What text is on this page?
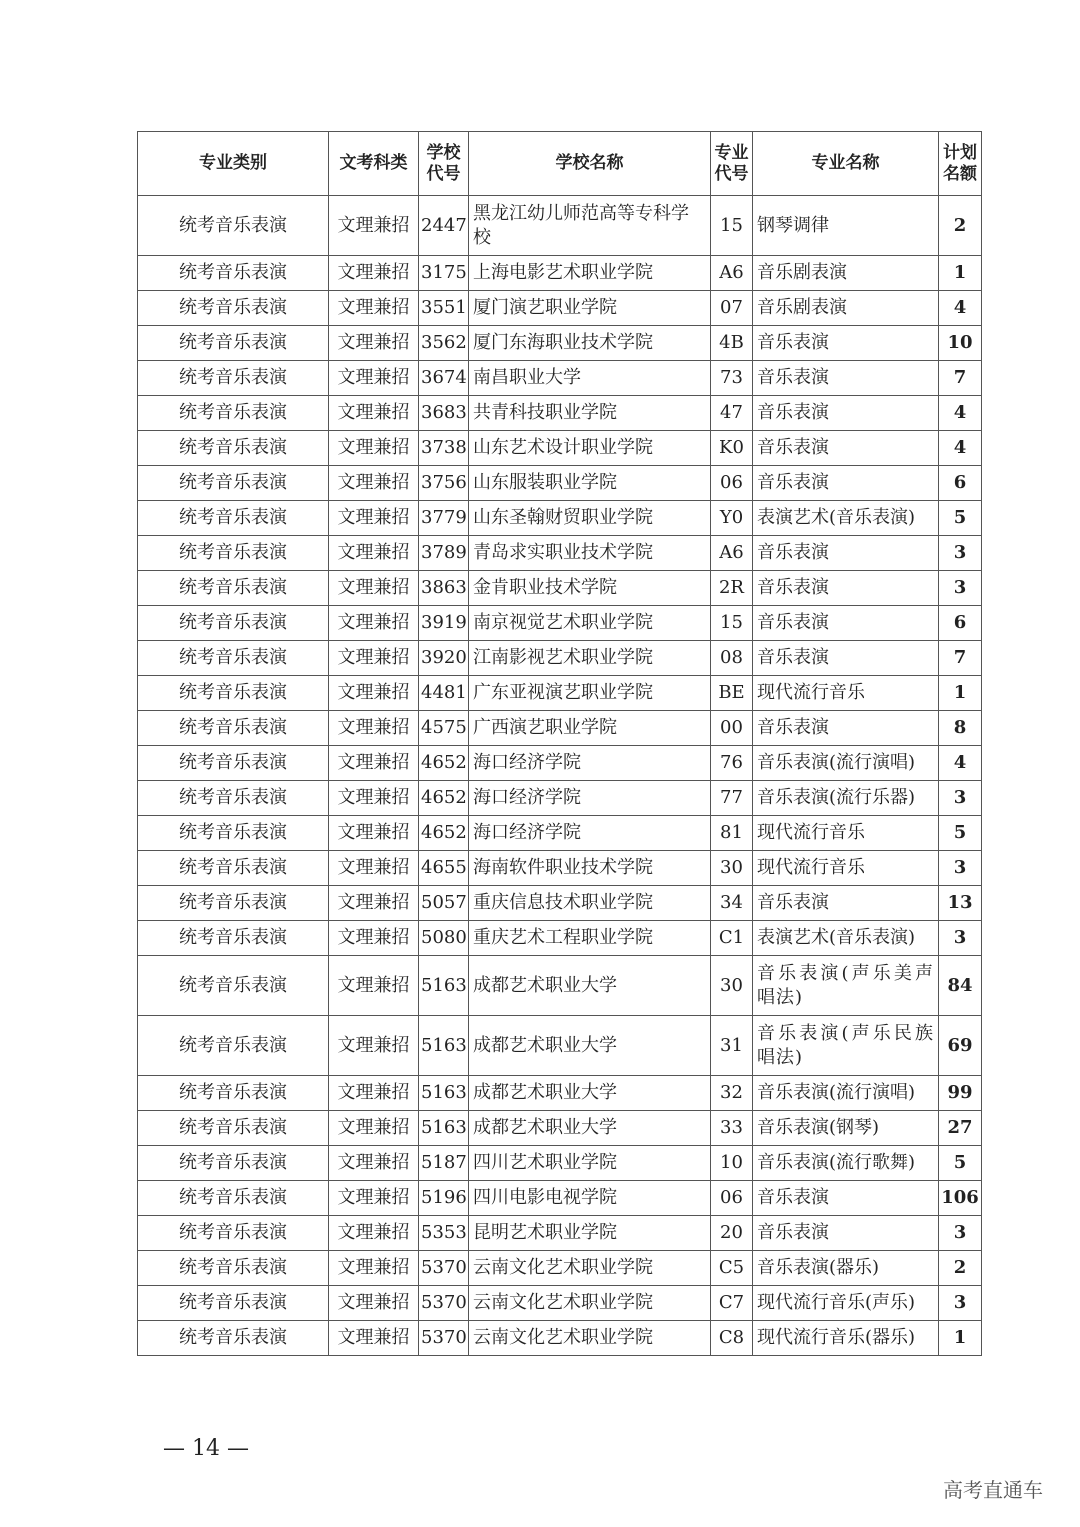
专业类别	文考科类	学校代号	学校名称	专业代号	专业名称	计划名额
统考音乐表演	文理兼招	2447	黑龙江幼儿师范高等专科学校	15	钢琴调律	2
统考音乐表演	文理兼招	3175	上海电影艺术职业学院	A6	音乐剧表演	1
统考音乐表演	文理兼招	3551	厦门演艺职业学院	07	音乐剧表演	4
统考音乐表演	文理兼招	3562	厦门东海职业技术学院	4B	音乐表演	10
统考音乐表演	文理兼招	3674	南昌职业大学	73	音乐表演	7
统考音乐表演	文理兼招	3683	共青科技职业学院	47	音乐表演	4
统考音乐表演	文理兼招	3738	山东艺术设计职业学院	K0	音乐表演	4
统考音乐表演	文理兼招	3756	山东服装职业学院	06	音乐表演	6
统考音乐表演	文理兼招	3779	山东圣翰财贸职业学院	Y0	表演艺术(音乐表演)	5
统考音乐表演	文理兼招	3789	青岛求实职业技术学院	A6	音乐表演	3
统考音乐表演	文理兼招	3863	金肯职业技术学院	2R	音乐表演	3
统考音乐表演	文理兼招	3919	南京视觉艺术职业学院	15	音乐表演	6
统考音乐表演	文理兼招	3920	江南影视艺术职业学院	08	音乐表演	7
统考音乐表演	文理兼招	4481	广东亚视演艺职业学院	BE	现代流行音乐	1
统考音乐表演	文理兼招	4575	广西演艺职业学院	00	音乐表演	8
统考音乐表演	文理兼招	4652	海口经济学院	76	音乐表演(流行演唱)	4
统考音乐表演	文理兼招	4652	海口经济学院	77	音乐表演(流行乐器)	3
统考音乐表演	文理兼招	4652	海口经济学院	81	现代流行音乐	5
统考音乐表演	文理兼招	4655	海南软件职业技术学院	30	现代流行音乐	3
统考音乐表演	文理兼招	5057	重庆信息技术职业学院	34	音乐表演	13
统考音乐表演	文理兼招	5080	重庆艺术工程职业学院	C1	表演艺术(音乐表演)	3
统考音乐表演	文理兼招	5163	成都艺术职业大学	30	音乐表演(声乐美声唱法)	84
统考音乐表演	文理兼招	5163	成都艺术职业大学	31	音乐表演(声乐民族唱法)	69
统考音乐表演	文理兼招	5163	成都艺术职业大学	32	音乐表演(流行演唱)	99
统考音乐表演	文理兼招	5163	成都艺术职业大学	33	音乐表演(钢琴)	27
统考音乐表演	文理兼招	5187	四川艺术职业学院	10	音乐表演(流行歌舞)	5
统考音乐表演	文理兼招	5196	四川电影电视学院	06	音乐表演	106
统考音乐表演	文理兼招	5353	昆明艺术职业学院	20	音乐表演	3
统考音乐表演	文理兼招	5370	云南文化艺术职业学院	C5	音乐表演(器乐)	2
统考音乐表演	文理兼招	5370	云南文化艺术职业学院	C7	现代流行音乐(声乐)	3
统考音乐表演	文理兼招	5370	云南文化艺术职业学院	C8	现代流行音乐(器乐)	1
— 14 —
高考直通车
